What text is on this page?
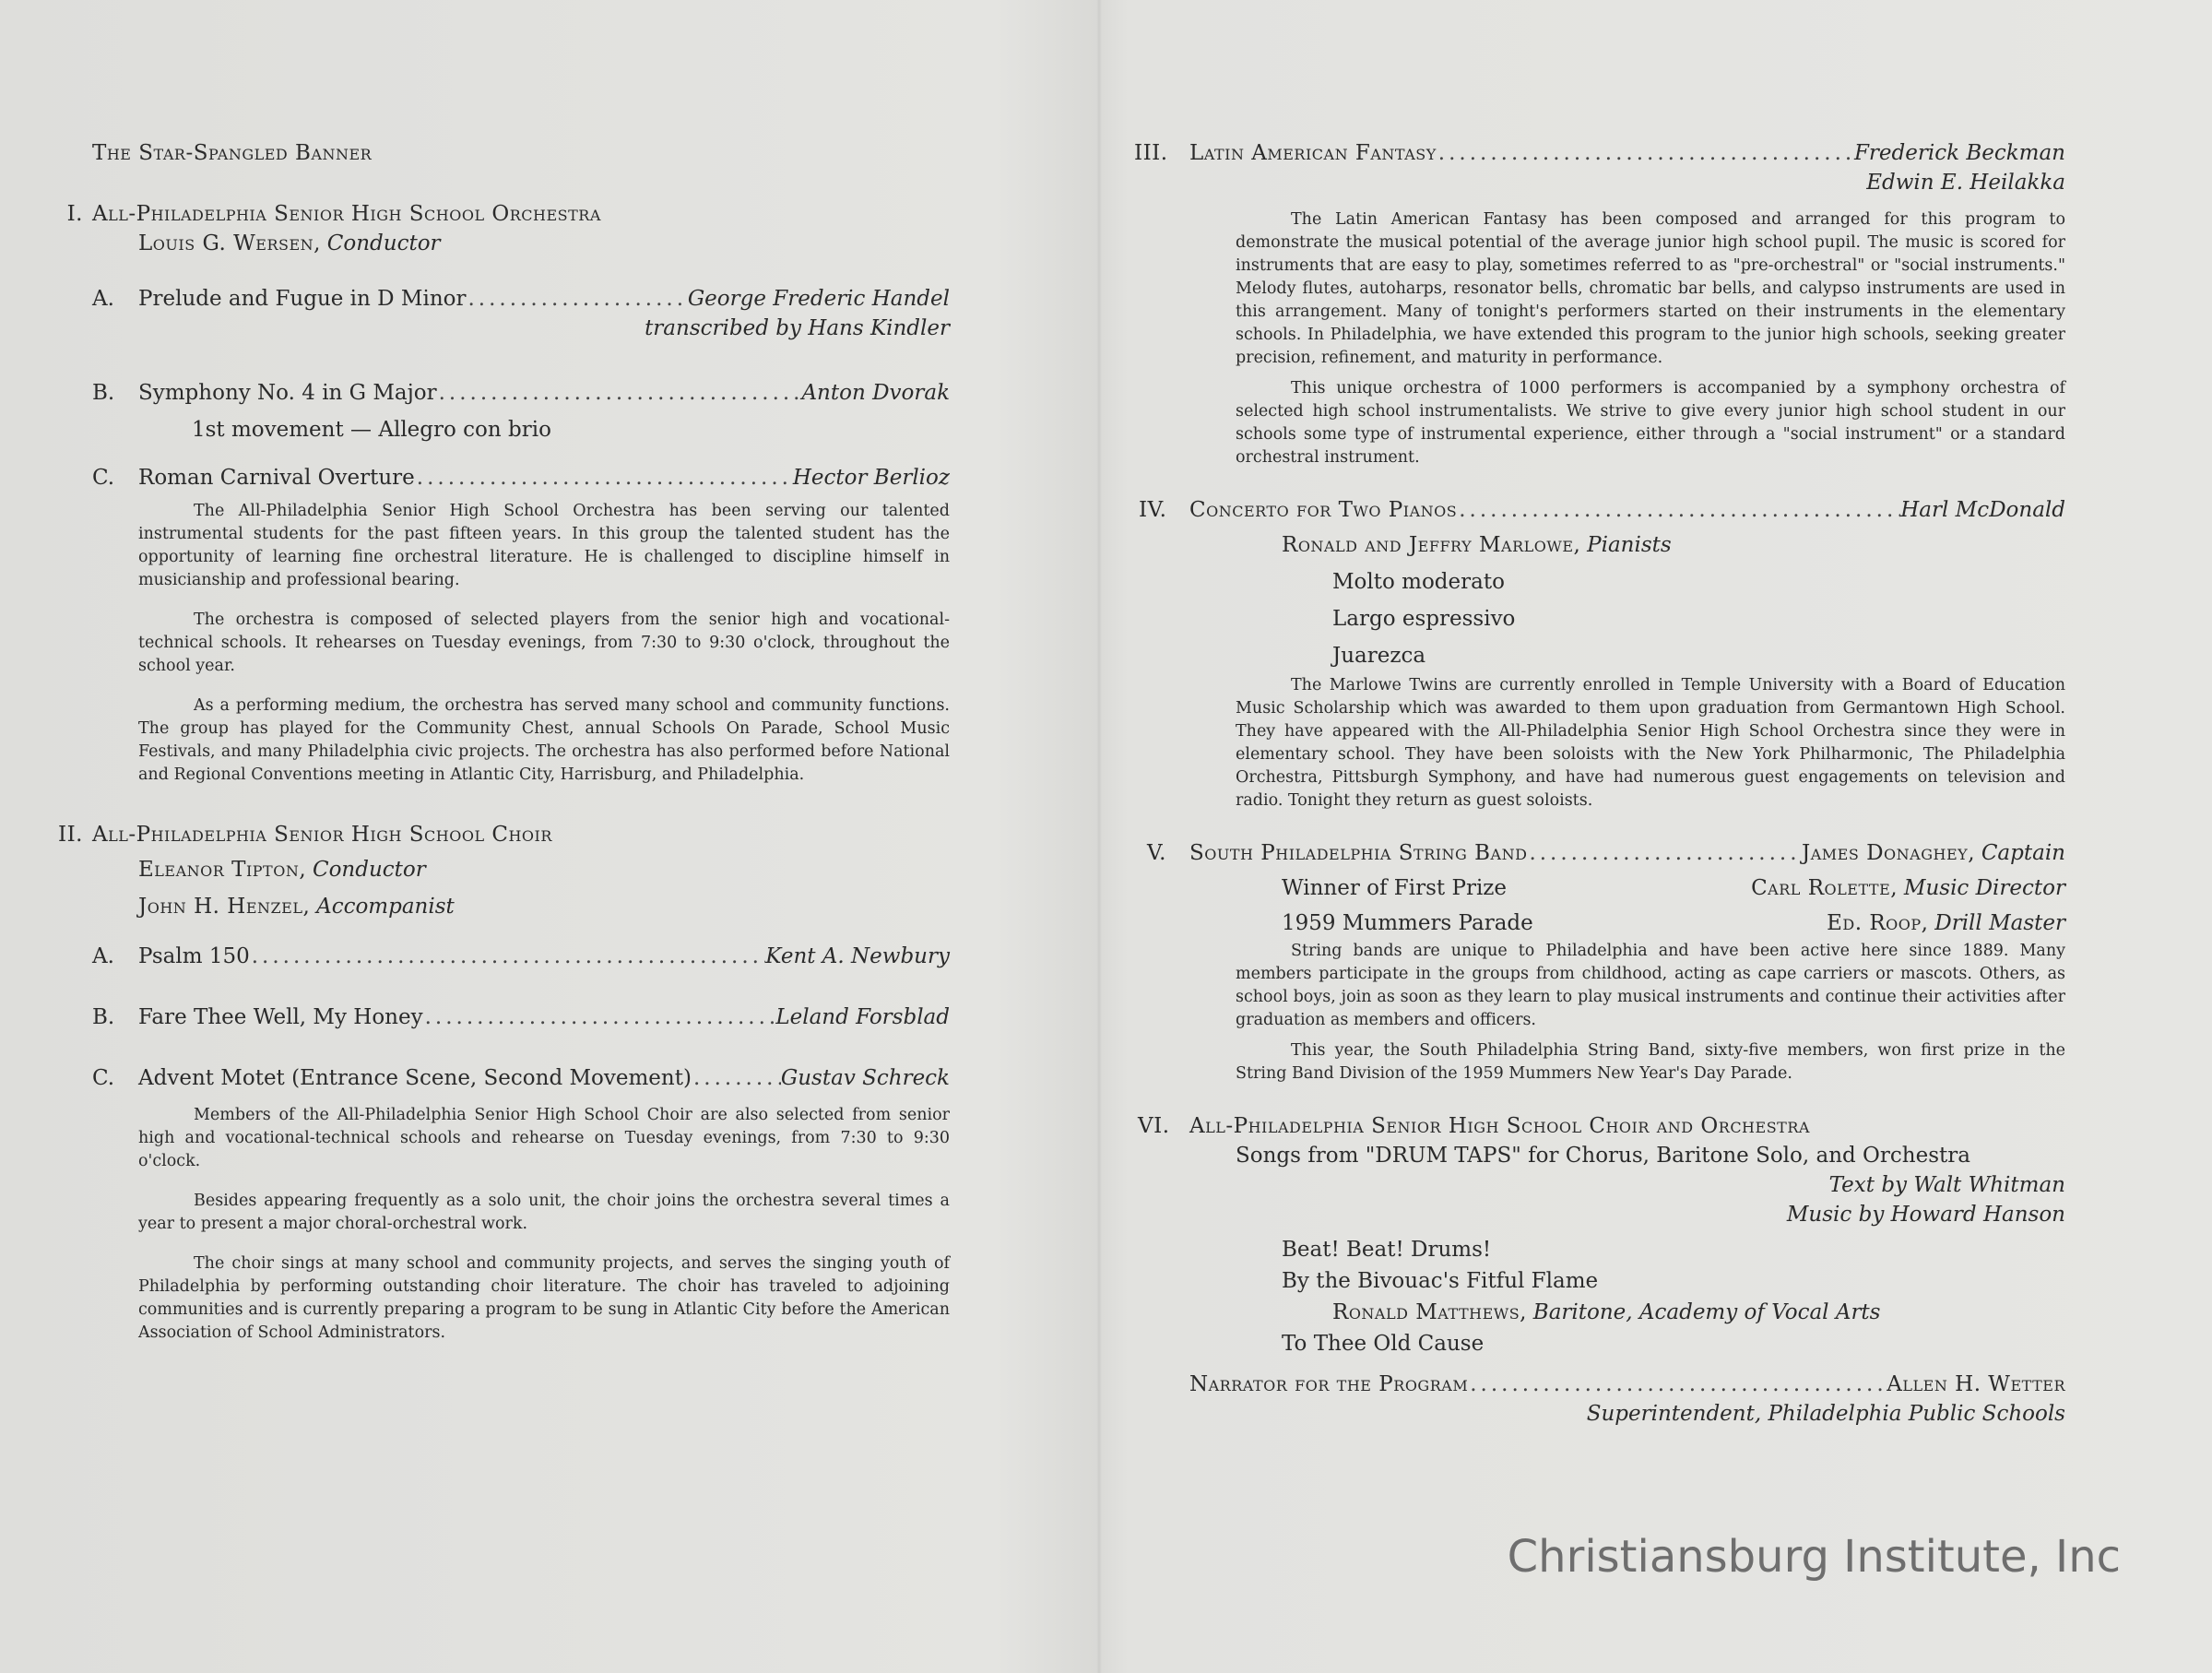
The Star-Spangled Banner
I. All-Philadelphia Senior High School Orchestra
Louis G. Wersen, Conductor
A.	Prelude and Fugue in D Minor .....	George Frederic Handel
transcribed by Hans Kindler
B.	Symphony No. 4 in G Major .....	Anton Dvorak
1st movement — Allegro con brio
C.	Roman Carnival Overture .....	Hector Berlioz

The All-Philadelphia Senior High School Orchestra has been serving our talented instrumental students for the past fifteen years. In this group the talented student has the opportunity of learning fine orchestral literature. He is challenged to discipline himself in musicianship and professional bearing.

The orchestra is composed of selected players from the senior high and vocational-technical schools. It rehearses on Tuesday evenings, from 7:30 to 9:30 o'clock, throughout the school year.

As a performing medium, the orchestra has served many school and community functions. The group has played for the Community Chest, annual Schools On Parade, School Music Festivals, and many Philadelphia civic projects. The orchestra has also performed before National and Regional Conventions meeting in Atlantic City, Harrisburg, and Philadelphia.

II. All-Philadelphia Senior High School Choir
Eleanor Tipton, Conductor
John H. Henzel, Accompanist
A.	Psalm 150 .....	Kent A. Newbury
B.	Fare Thee Well, My Honey .....	Leland Forsblad
C.	Advent Motet (Entrance Scene, Second Movement) .....	Gustav Schreck

Members of the All-Philadelphia Senior High School Choir are also selected from senior high and vocational-technical schools and rehearse on Tuesday evenings, from 7:30 to 9:30 o'clock.

Besides appearing frequently as a solo unit, the choir joins the orchestra several times a year to present a major choral-orchestral work.

The choir sings at many school and community projects, and serves the singing youth of Philadelphia by performing outstanding choir literature. The choir has traveled to adjoining communities and is currently preparing a program to be sung in Atlantic City before the American Association of School Administrators.

III. Latin American Fantasy .....	Frederick Beckman
Edwin E. Heilakka

The Latin American Fantasy has been composed and arranged for this program to demonstrate the musical potential of the average junior high school pupil. The music is scored for instruments that are easy to play, sometimes referred to as "pre-orchestral" or "social instruments." Melody flutes, autoharps, resonator bells, chromatic bar bells, and calypso instruments are used in this arrangement. Many of tonight's performers started on their instruments in the elementary schools. In Philadelphia, we have extended this program to the junior high schools, seeking greater precision, refinement, and maturity in performance.

This unique orchestra of 1000 performers is accompanied by a symphony orchestra of selected high school instrumentalists. We strive to give every junior high school student in our schools some type of instrumental experience, either through a "social instrument" or a standard orchestral instrument.

IV. Concerto for Two Pianos .....	Harl McDonald
Ronald and Jeffry Marlowe, Pianists
Molto moderato
Largo espressivo
Juarezca

The Marlowe Twins are currently enrolled in Temple University with a Board of Education Music Scholarship which was awarded to them upon graduation from Germantown High School. They have appeared with the All-Philadelphia Senior High School Orchestra since they were in elementary school. They have been soloists with the New York Philharmonic, The Philadelphia Orchestra, Pittsburgh Symphony, and have had numerous guest engagements on television and radio. Tonight they return as guest soloists.

V. South Philadelphia String Band .....	James Donaghey, Captain
Winner of First Prize	Carl Rolette, Music Director
1959 Mummers Parade	Ed. Roop, Drill Master

String bands are unique to Philadelphia and have been active here since 1889. Many members participate in the groups from childhood, acting as cape carriers or mascots. Others, as school boys, join as soon as they learn to play musical instruments and continue their activities after graduation as members and officers.

This year, the South Philadelphia String Band, sixty-five members, won first prize in the String Band Division of the 1959 Mummers New Year's Day Parade.

VI. All-Philadelphia Senior High School Choir and Orchestra
Songs from "DRUM TAPS" for Chorus, Baritone Solo, and Orchestra
Text by Walt Whitman
Music by Howard Hanson
Beat! Beat! Drums!
By the Bivouac's Fitful Flame
Ronald Matthews, Baritone, Academy of Vocal Arts
To Thee Old Cause
Narrator for the Program .....	Allen H. Wetter
Superintendent, Philadelphia Public Schools
Christiansburg Institute, Inc
